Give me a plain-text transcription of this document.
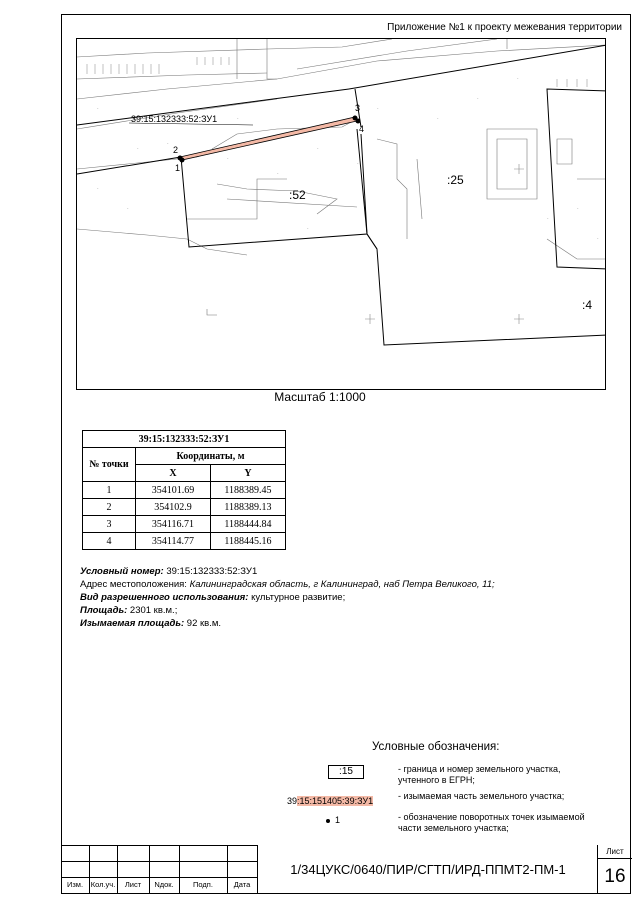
Приложение №1 к проекту межевания территории
.
.
.
.
.
.
.
.
.
.
.
.
.
.
.
.
.
.
39:15:132333:52:ЗУ1
2
1
3
4
:52
:25
:4
Масштаб 1:1000
39:15:132333:52:ЗУ1		
№ точки	Координаты, м	
	X	Y
1	354101.69	1188389.45
2	354102.9	1188389.13
3	354116.71	1188444.84
4	354114.77	1188445.16
Условный номер: 39:15:132333:52:ЗУ1
Адрес местоположения: Калининградская область, г Калининград, наб Петра Великого, 11;
Вид разрешенного использования: культурное развитие;
Площадь: 2301 кв.м.;
Изымаемая площадь: 92 кв.м.
Условные обозначения:
:15	- граница и номер земельного участка,
учтенного в ЕГРН;
39:15:151405:39:ЗУ1	- изымаемая часть земельного участка;
1	- обозначение поворотных точек изымаемой
части земельного участка;
Изм.	Кол.уч.	Лист	Nдок.	Подп.	Дата
1/34ЦУКС/0640/ПИР/СГТП/ИРД-ППМТ2-ПМ-1
Лист
16
